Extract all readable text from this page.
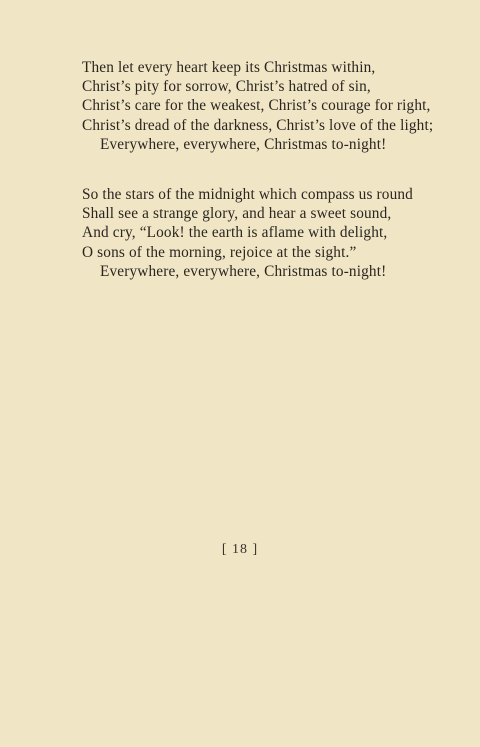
Then let every heart keep its Christmas within,
Christ’s pity for sorrow, Christ’s hatred of sin,
Christ’s care for the weakest, Christ’s courage for right,
Christ’s dread of the darkness, Christ’s love of the light;
Everywhere, everywhere, Christmas to-night!
So the stars of the midnight which compass us round
Shall see a strange glory, and hear a sweet sound,
And cry, “Look! the earth is aflame with delight,
O sons of the morning, rejoice at the sight.”
Everywhere, everywhere, Christmas to-night!
[ 18 ]
